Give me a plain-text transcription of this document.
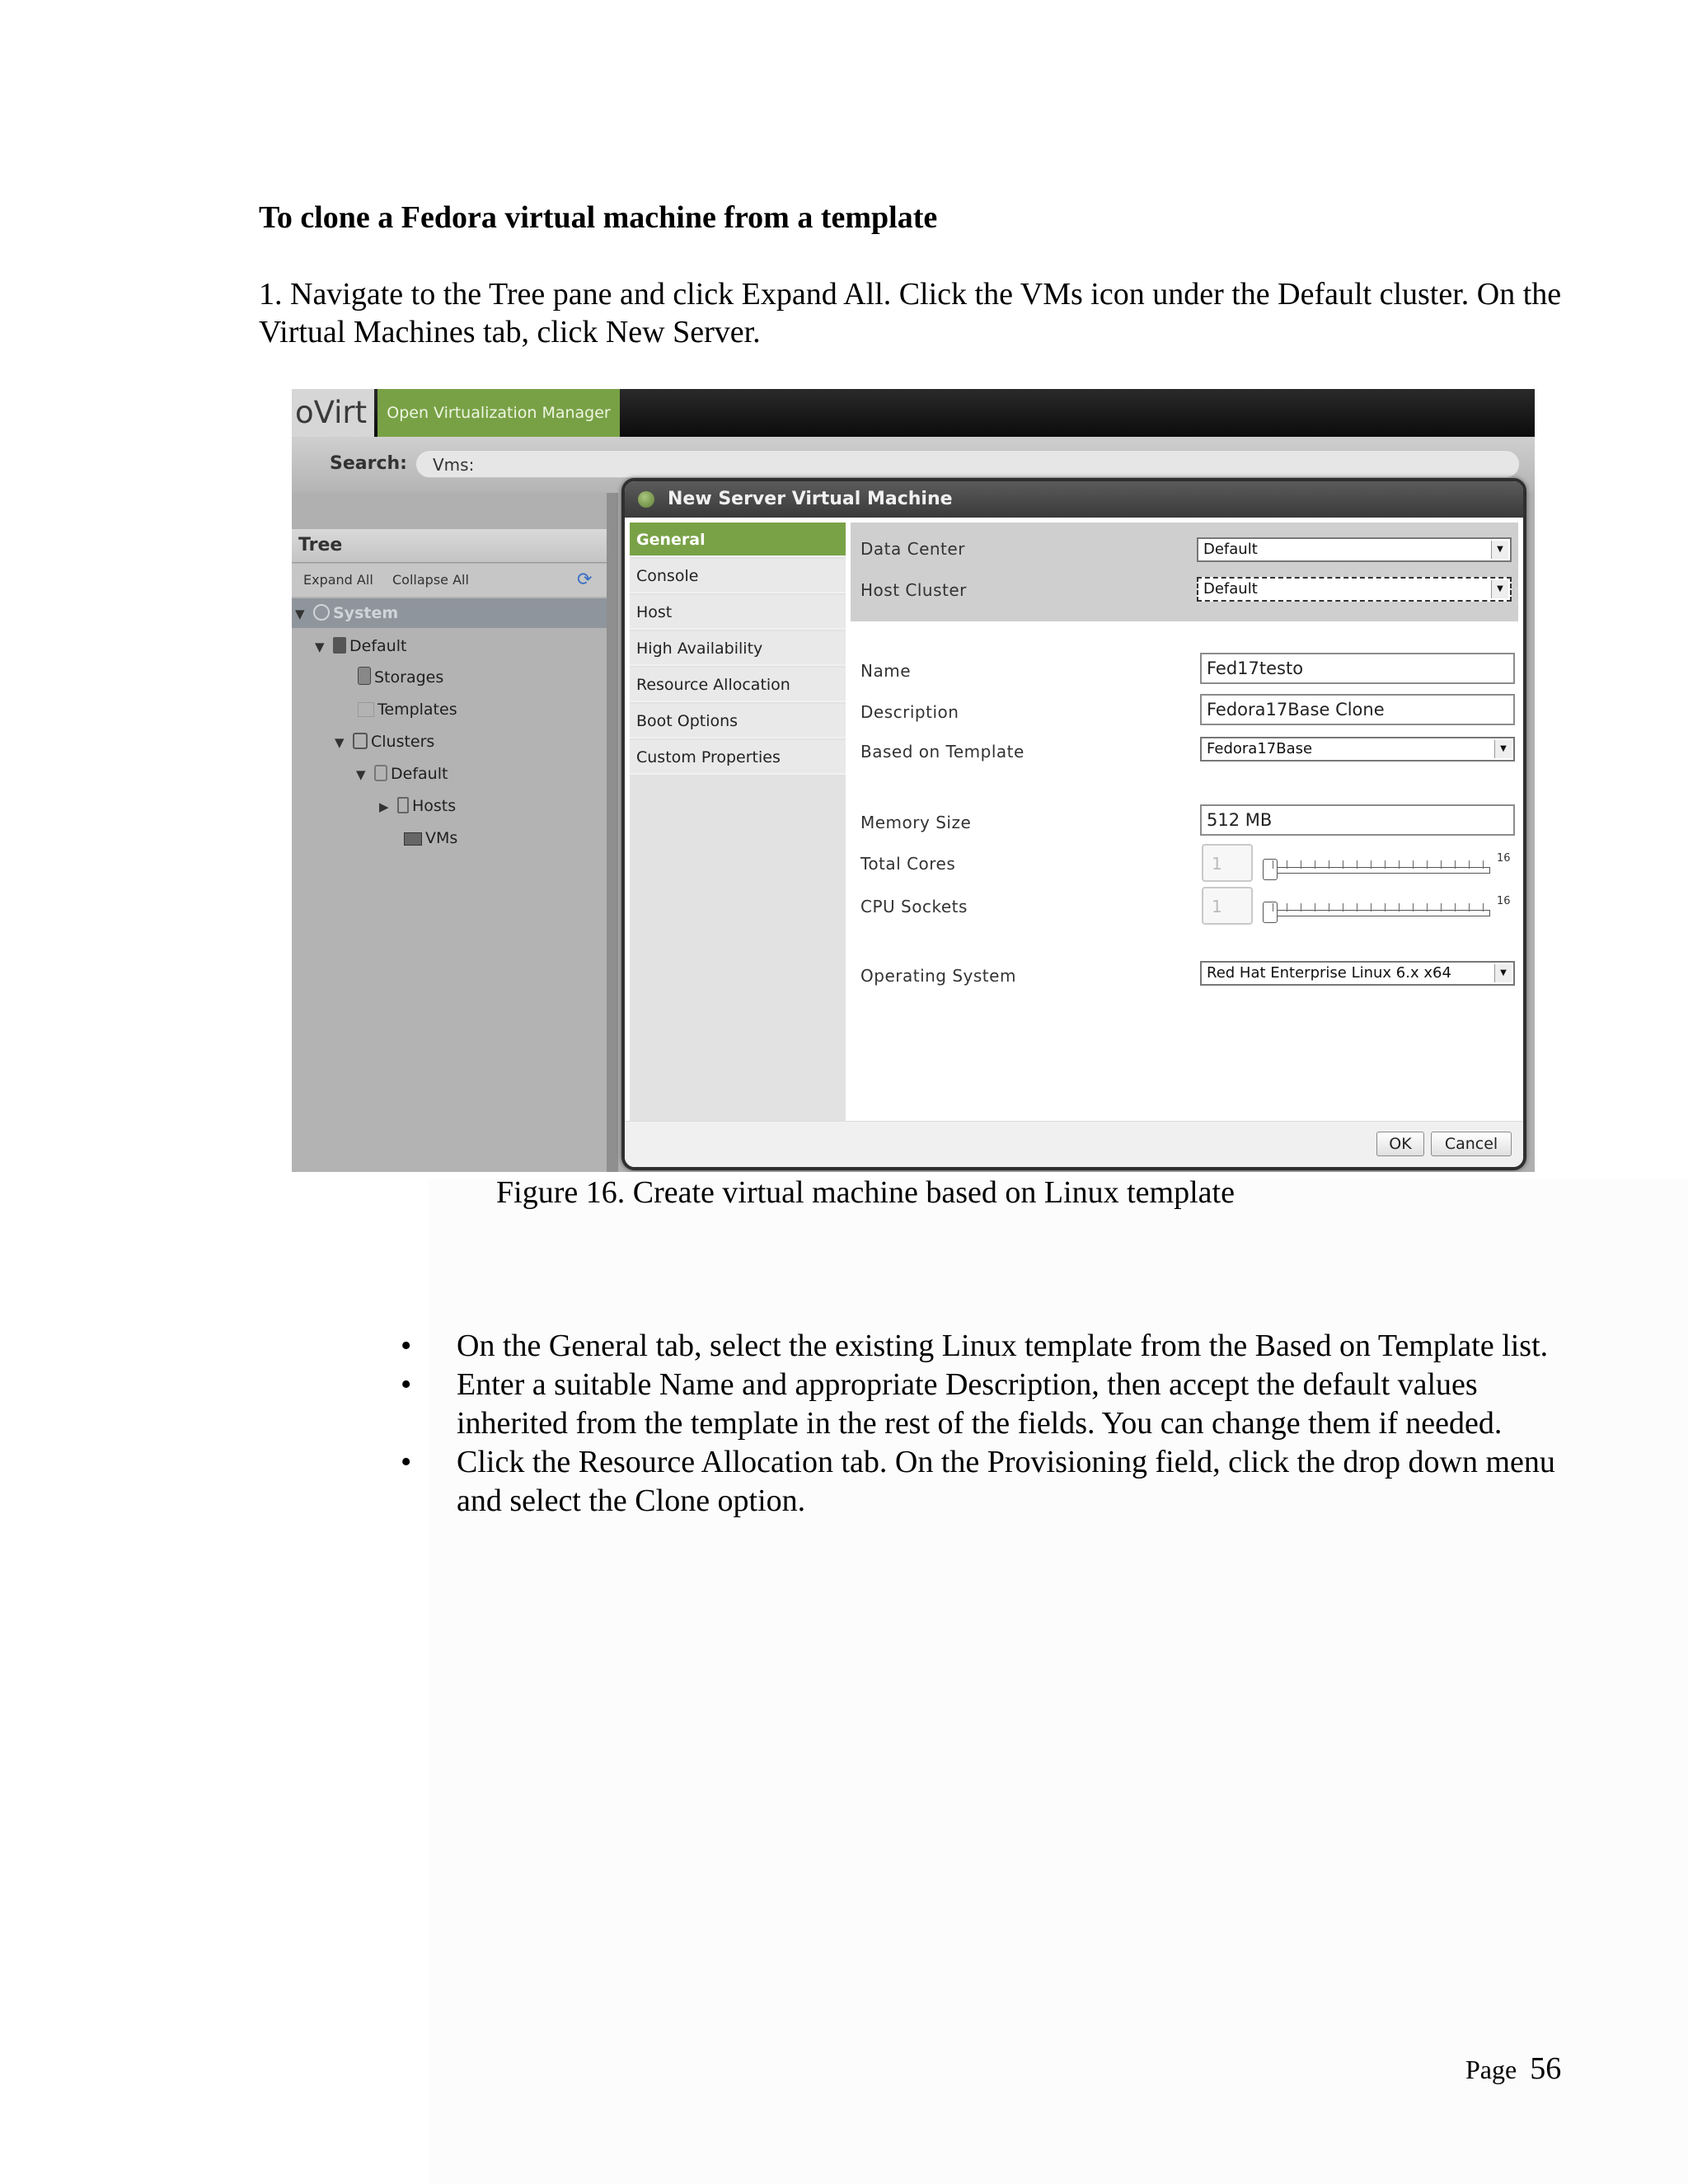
To clone a Fedora virtual machine from a template

1. Navigate to the Tree pane and click Expand All. Click the VMs icon under the Default cluster. On the Virtual Machines tab, click New Server.

oVirt	Open Virtualization Manager
Search:	Vms:
Tree
Expand All Collapse All	⟳
▼ System
▼ Default
Storages
Templates
▼ Clusters
▼ Default
▶ Hosts
VMs
New Server Virtual Machine
General
Console
Host
High Availability
Resource Allocation
Boot Options
Custom Properties
Data Center	Default	▼
Host Cluster	Default	▼
Name	Fed17testo
Description	Fedora17Base Clone
Based on Template	Fedora17Base	▼
Memory Size	512 MB
Total Cores	1	16
CPU Sockets	1	16
Operating System	Red Hat Enterprise Linux 6.x x64	▼
OK	Cancel

Figure 16. Create virtual machine based on Linux template

• On the General tab, select the existing Linux template from the Based on Template list.
• Enter a suitable Name and appropriate Description, then accept the default values inherited from the template in the rest of the fields. You can change them if needed.
• Click the Resource Allocation tab. On the Provisioning field, click the drop down menu and select the Clone option.
Page 56
